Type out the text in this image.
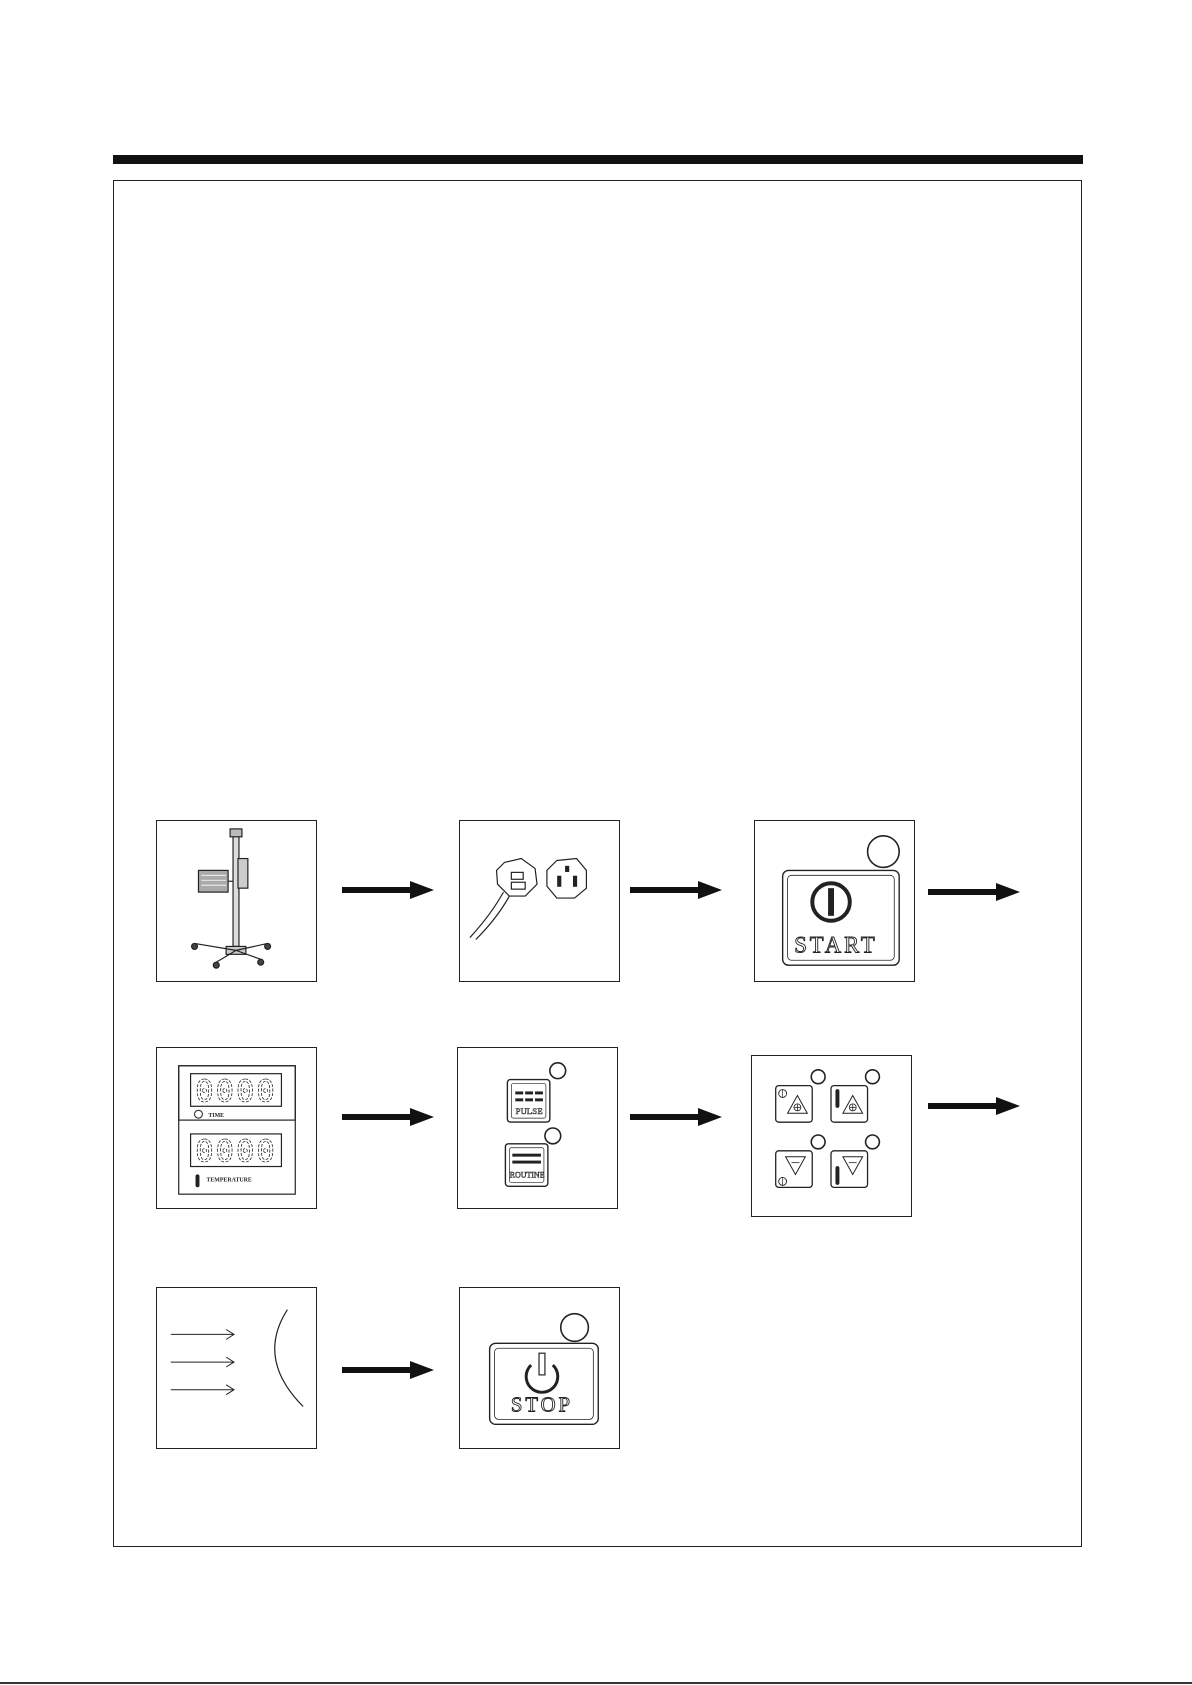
START
0000
TIME
0000
TEMPERATURE
PULSE
ROUTINE
STOP
